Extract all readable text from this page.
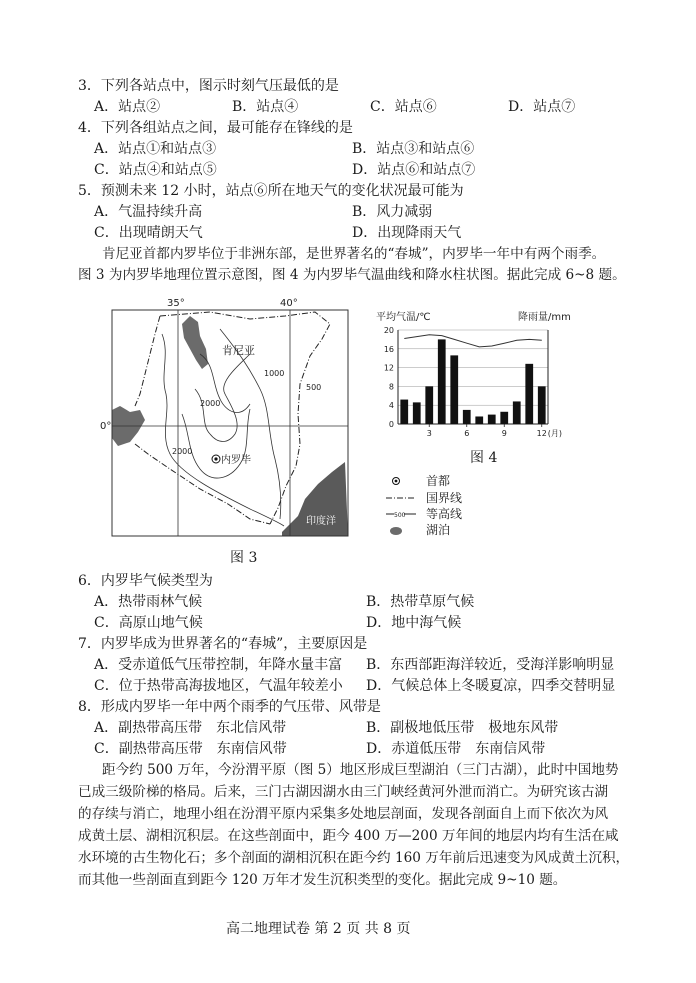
3．下列各站点中，图示时刻气压最低的是
A．站点②	B．站点④	C．站点⑥	D．站点⑦
4．下列各组站点之间，最可能存在锋线的是
A．站点①和站点③	B．站点③和站点⑥
C．站点④和站点⑤	D．站点⑥和站点⑦
5．预测未来 12 小时，站点⑥所在地天气的变化状况最可能为
A．气温持续升高	B．风力减弱
C．出现晴朗天气	D．出现降雨天气
肯尼亚首都内罗毕位于非洲东部，是世界著名的“春城”，内罗毕一年中有两个雨季。
图 3 为内罗毕地理位置示意图，图 4 为内罗毕气温曲线和降水柱状图。据此完成 6~8 题。
35°	40°
0°
肯尼亚
内罗毕
印度洋
1000
500
2000
2000
图 3
平均气温/℃	降雨量/mm
0
4
8
12
16
20
3	6	9	12 (月)
图 4
500
首都
国界线
等高线
湖泊
6．内罗毕气候类型为
A．热带雨林气候	B．热带草原气候
C．高原山地气候	D．地中海气候
7．内罗毕成为世界著名的“春城”，主要原因是
A．受赤道低气压带控制，年降水量丰富 B．东西部距海洋较近，受海洋影响明显
C．位于热带高海拔地区，气温年较差小 D．气候总体上冬暖夏凉，四季交替明显
8．形成内罗毕一年中两个雨季的气压带、风带是
A．副热带高压带　东北信风带	B．副极地低压带　极地东风带
C．副热带高压带　东南信风带	D．赤道低压带　东南信风带
距今约 500 万年，今汾渭平原（图 5）地区形成巨型湖泊（三门古湖），此时中国地势
已成三级阶梯的格局。后来，三门古湖因湖水由三门峡经黄河外泄而消亡。为研究该古湖
的存续与消亡，地理小组在汾渭平原内采集多处地层剖面，发现各剖面自上而下依次为风
成黄土层、湖相沉积层。在这些剖面中，距今 400 万—200 万年间的地层内均有生活在咸
水环境的古生物化石；多个剖面的湖相沉积在距今约 160 万年前后迅速变为风成黄土沉积，
而其他一些剖面直到距今 120 万年才发生沉积类型的变化。据此完成 9~10 题。
高二地理试卷 第 2 页 共 8 页
